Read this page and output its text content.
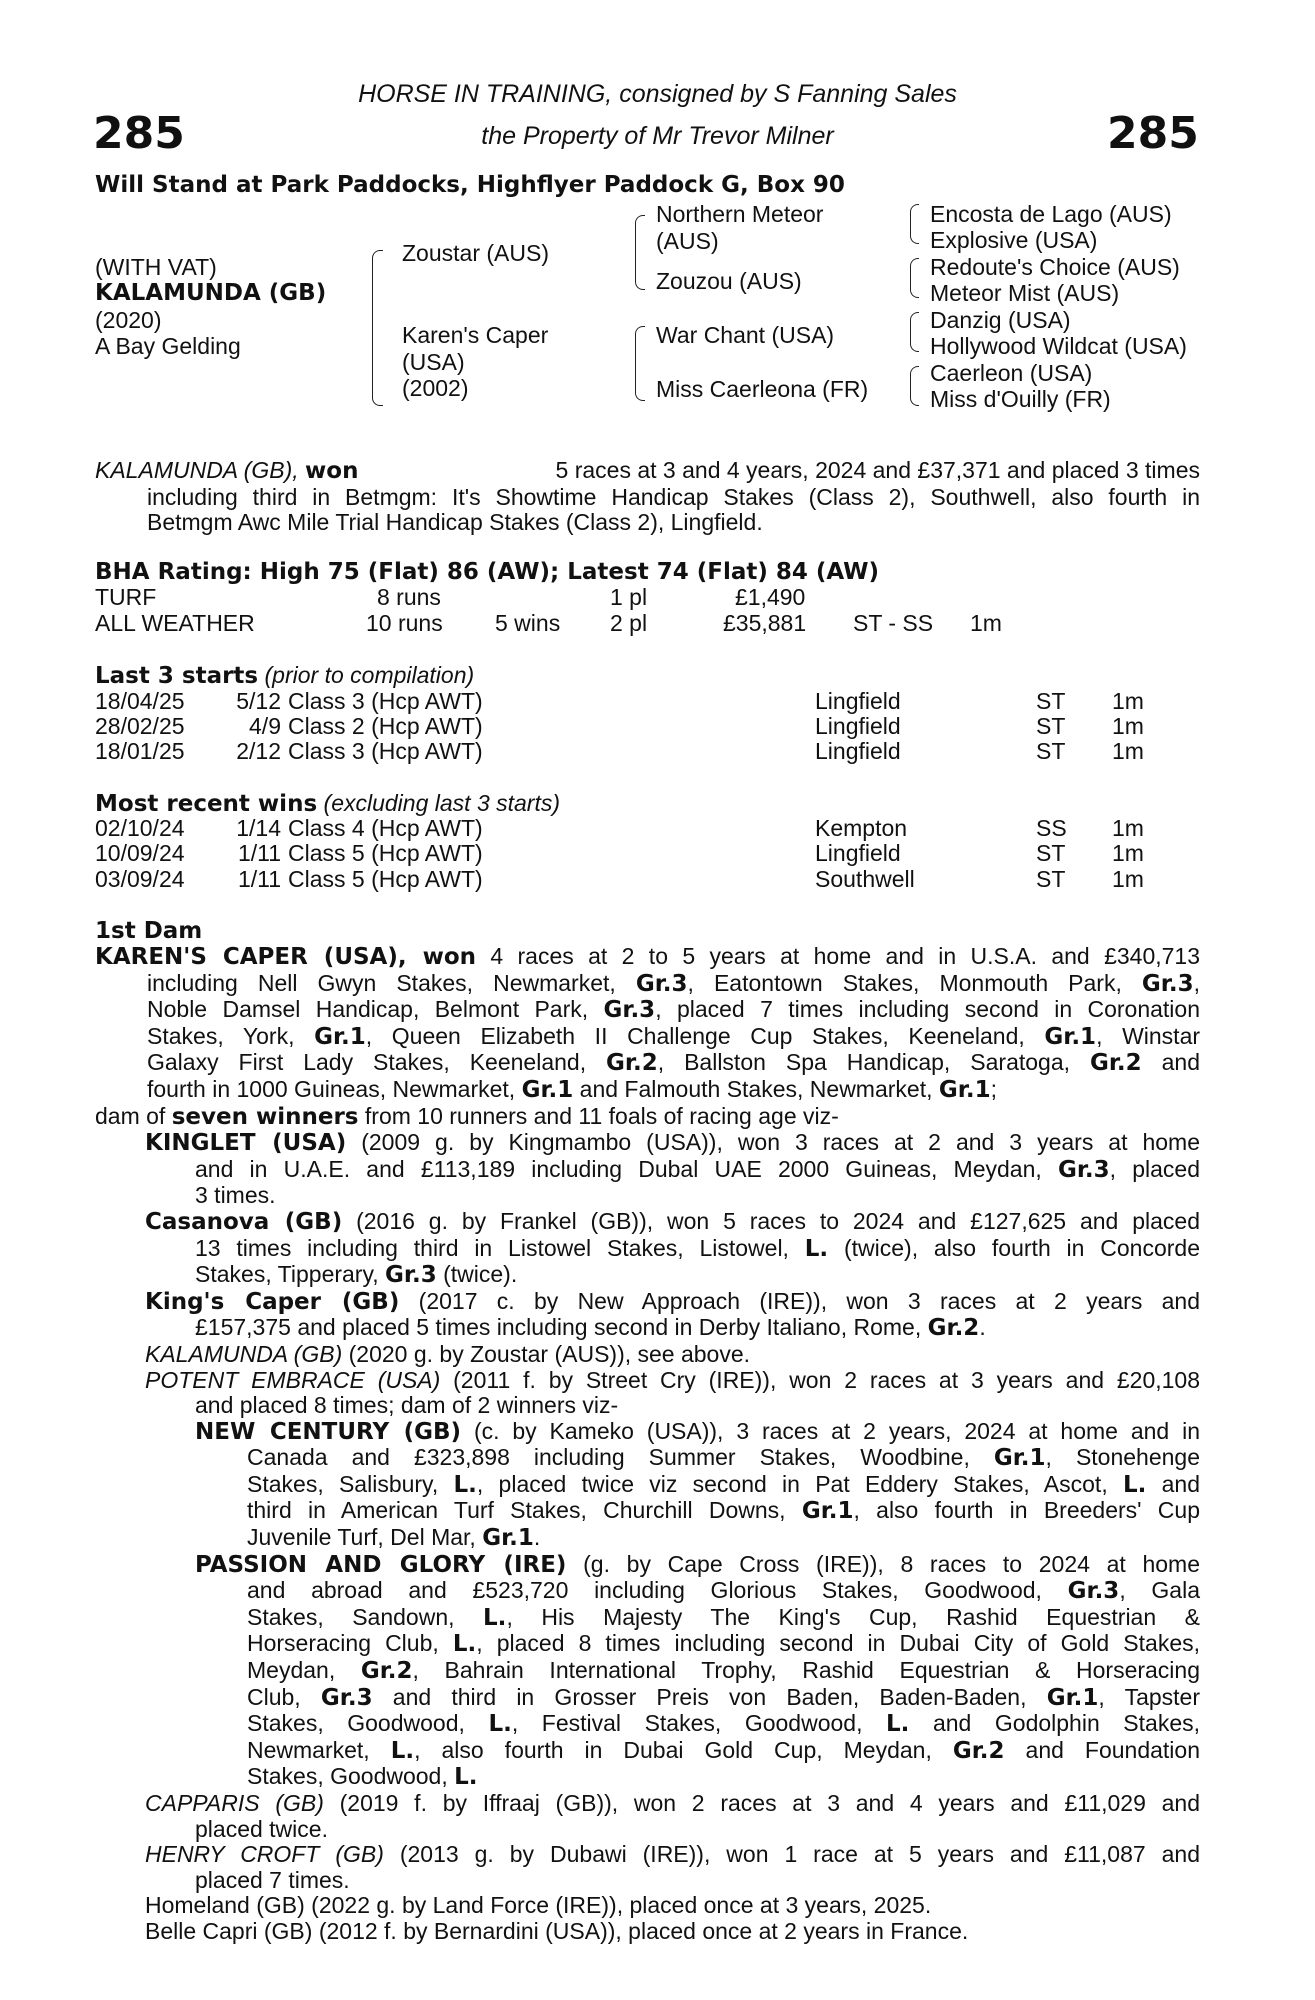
285	285
HORSE IN TRAINING, consigned by S Fanning Sales
the Property of Mr Trevor Milner
Will Stand at Park Paddocks, Highflyer Paddock G, Box 90
(WITH VAT)
KALAMUNDA (GB)
(2020)
A Bay Gelding
Zoustar (AUS)
Karen's Caper
(USA)
(2002)
Northern Meteor
(AUS)
Zouzou (AUS)
War Chant (USA)
Miss Caerleona (FR)
Encosta de Lago (AUS)
Explosive (USA)
Redoute's Choice (AUS)
Meteor Mist (AUS)
Danzig (USA)
Hollywood Wildcat (USA)
Caerleon (USA)
Miss d'Ouilly (FR)
KALAMUNDA (GB), won	5 races at 3 and 4 years, 2024 and £37,371 and placed 3 times
including third in Betmgm: It's Showtime Handicap Stakes (Class 2), Southwell, also fourth in
Betmgm Awc Mile Trial Handicap Stakes (Class 2), Lingfield.
BHA Rating: High 75 (Flat) 86 (AW); Latest 74 (Flat) 84 (AW)
TURF	8 runs	1 pl	£1,490
ALL WEATHER	10 runs 5 wins 2 pl	£35,881 ST - SS 1m
Last 3 starts (prior to compilation)
18/04/25	5/12 Class 3 (Hcp AWT)	Lingfield	ST 1m
28/02/25	4/9 Class 2 (Hcp AWT)	Lingfield	ST 1m
18/01/25	2/12 Class 3 (Hcp AWT)	Lingfield	ST 1m
Most recent wins (excluding last 3 starts)
02/10/24	1/14 Class 4 (Hcp AWT)	Kempton	SS 1m
10/09/24	1/11 Class 5 (Hcp AWT)	Lingfield	ST 1m
03/09/24	1/11 Class 5 (Hcp AWT)	Southwell	ST 1m
1st Dam
KAREN'S CAPER (USA), won 4 races at 2 to 5 years at home and in U.S.A. and £340,713
including Nell Gwyn Stakes, Newmarket, Gr.3, Eatontown Stakes, Monmouth Park, Gr.3,
Noble Damsel Handicap, Belmont Park, Gr.3, placed 7 times including second in Coronation
Stakes, York, Gr.1, Queen Elizabeth II Challenge Cup Stakes, Keeneland, Gr.1, Winstar
Galaxy First Lady Stakes, Keeneland, Gr.2, Ballston Spa Handicap, Saratoga, Gr.2 and
fourth in 1000 Guineas, Newmarket, Gr.1 and Falmouth Stakes, Newmarket, Gr.1;
dam of seven winners from 10 runners and 11 foals of racing age viz-
KINGLET (USA) (2009 g. by Kingmambo (USA)), won 3 races at 2 and 3 years at home
and in U.A.E. and £113,189 including Dubal UAE 2000 Guineas, Meydan, Gr.3, placed
3 times.
Casanova (GB) (2016 g. by Frankel (GB)), won 5 races to 2024 and £127,625 and placed
13 times including third in Listowel Stakes, Listowel, L. (twice), also fourth in Concorde
Stakes, Tipperary, Gr.3 (twice).
King's Caper (GB) (2017 c. by New Approach (IRE)), won 3 races at 2 years and
£157,375 and placed 5 times including second in Derby Italiano, Rome, Gr.2.
KALAMUNDA (GB) (2020 g. by Zoustar (AUS)), see above.
POTENT EMBRACE (USA) (2011 f. by Street Cry (IRE)), won 2 races at 3 years and £20,108
and placed 8 times; dam of 2 winners viz-
NEW CENTURY (GB) (c. by Kameko (USA)), 3 races at 2 years, 2024 at home and in
Canada and £323,898 including Summer Stakes, Woodbine, Gr.1, Stonehenge
Stakes, Salisbury, L., placed twice viz second in Pat Eddery Stakes, Ascot, L. and
third in American Turf Stakes, Churchill Downs, Gr.1, also fourth in Breeders' Cup
Juvenile Turf, Del Mar, Gr.1.
PASSION AND GLORY (IRE) (g. by Cape Cross (IRE)), 8 races to 2024 at home
and abroad and £523,720 including Glorious Stakes, Goodwood, Gr.3, Gala
Stakes, Sandown, L., His Majesty The King's Cup, Rashid Equestrian &
Horseracing Club, L., placed 8 times including second in Dubai City of Gold Stakes,
Meydan, Gr.2, Bahrain International Trophy, Rashid Equestrian & Horseracing
Club, Gr.3 and third in Grosser Preis von Baden, Baden-Baden, Gr.1, Tapster
Stakes, Goodwood, L., Festival Stakes, Goodwood, L. and Godolphin Stakes,
Newmarket, L., also fourth in Dubai Gold Cup, Meydan, Gr.2 and Foundation
Stakes, Goodwood, L.
CAPPARIS (GB) (2019 f. by Iffraaj (GB)), won 2 races at 3 and 4 years and £11,029 and
placed twice.
HENRY CROFT (GB) (2013 g. by Dubawi (IRE)), won 1 race at 5 years and £11,087 and
placed 7 times.
Homeland (GB) (2022 g. by Land Force (IRE)), placed once at 3 years, 2025.
Belle Capri (GB) (2012 f. by Bernardini (USA)), placed once at 2 years in France.
